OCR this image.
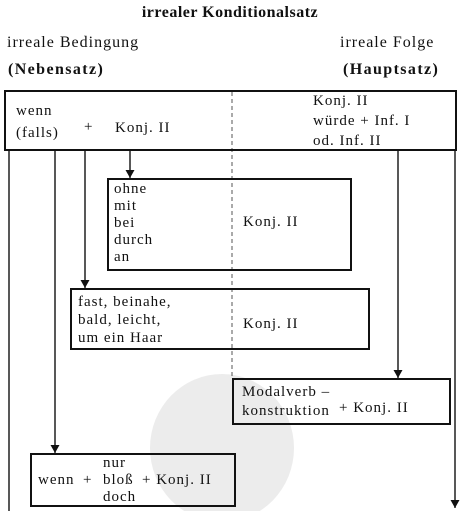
irrealer Konditionalsatz
irreale Bedingung
(Nebensatz)
irreale Folge
(Hauptsatz)
wenn
(falls) + Konj. II
Konj. II
würde + Inf. I
od. Inf. II
ohne
mit
bei
durch
an
Konj. II
fast, beinahe,
bald, leicht,
um ein Haar
Konj. II
Modalverb –
konstruktion + Konj. II
wenn +
nur
bloß
doch
+ Konj. II
